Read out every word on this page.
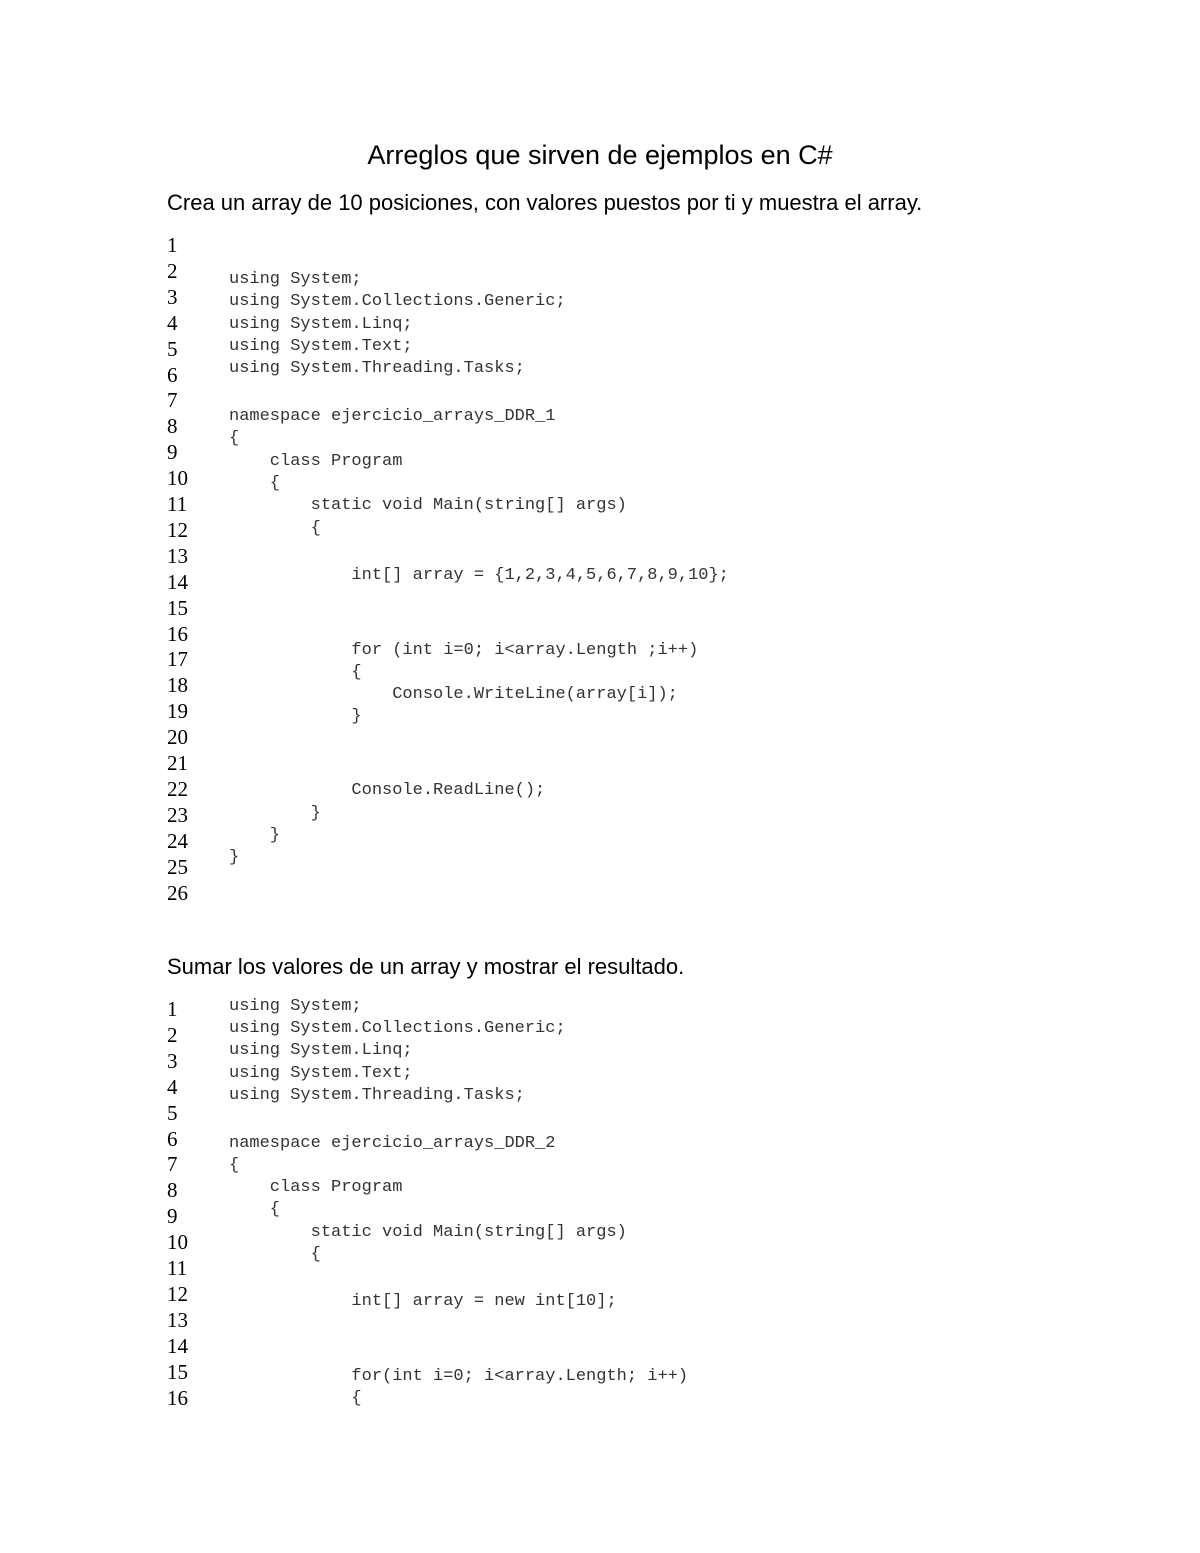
Arreglos que sirven de ejemplos en C#
Crea un array de 10 posiciones, con valores puestos por ti y muestra el array.
1
2
3
4
5
6
7
8
9
10
11
12
13
14
15
16
17
18
19
20
21
22
23
24
25
26
using System;
using System.Collections.Generic;
using System.Linq;
using System.Text;
using System.Threading.Tasks;
namespace ejercicio_arrays_DDR_1
{
class Program
{
static void Main(string[] args)
{
int[] array = {1,2,3,4,5,6,7,8,9,10};
for (int i=0; i<array.Length ;i++)
{
Console.WriteLine(array[i]);
}
Console.ReadLine();
}
}
}
Sumar los valores de un array y mostrar el resultado.
1
2
3
4
5
6
7
8
9
10
11
12
13
14
15
16
using System;
using System.Collections.Generic;
using System.Linq;
using System.Text;
using System.Threading.Tasks;
namespace ejercicio_arrays_DDR_2
{
class Program
{
static void Main(string[] args)
{
int[] array = new int[10];
for(int i=0; i<array.Length; i++)
{
